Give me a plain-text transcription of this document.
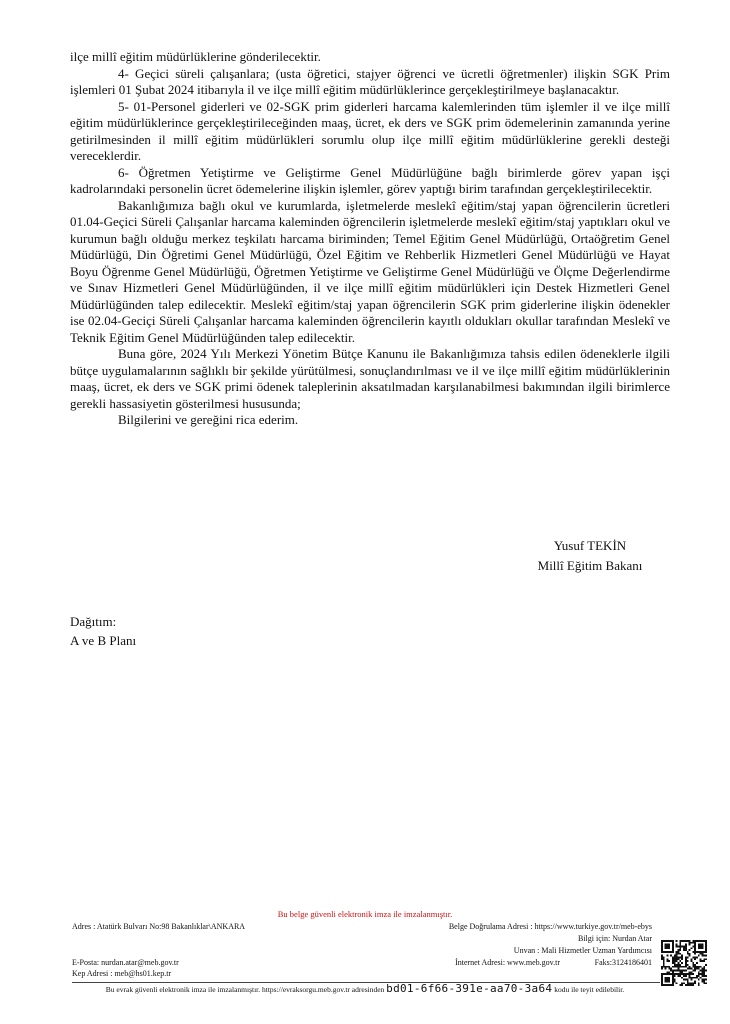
ilçe millî eğitim müdürlüklerine gönderilecektir.

4- Geçici süreli çalışanlara; (usta öğretici, stajyer öğrenci ve ücretli öğretmenler) ilişkin SGK Prim işlemleri 01 Şubat 2024 itibarıyla il ve ilçe millî eğitim müdürlüklerince gerçekleştirilmeye başlanacaktır.

5- 01-Personel giderleri ve 02-SGK prim giderleri harcama kalemlerinden tüm işlemler il ve ilçe millî eğitim müdürlüklerince gerçekleştirileceğinden maaş, ücret, ek ders ve SGK prim ödemelerinin zamanında yerine getirilmesinden il millî eğitim müdürlükleri sorumlu olup ilçe millî eğitim müdürlüklerine gerekli desteği vereceklerdir.

6- Öğretmen Yetiştirme ve Geliştirme Genel Müdürlüğüne bağlı birimlerde görev yapan işçi kadrolarındaki personelin ücret ödemelerine ilişkin işlemler, görev yaptığı birim tarafından gerçekleştirilecektir.

Bakanlığımıza bağlı okul ve kurumlarda, işletmelerde meslekî eğitim/staj yapan öğrencilerin ücretleri 01.04-Geçici Süreli Çalışanlar harcama kaleminden öğrencilerin işletmelerde meslekî eğitim/staj yaptıkları okul ve kurumun bağlı olduğu merkez teşkilatı harcama biriminden; Temel Eğitim Genel Müdürlüğü, Ortaöğretim Genel Müdürlüğü, Din Öğretimi Genel Müdürlüğü, Özel Eğitim ve Rehberlik Hizmetleri Genel Müdürlüğü ve Hayat Boyu Öğrenme Genel Müdürlüğü, Öğretmen Yetiştirme ve Geliştirme Genel Müdürlüğü ve Ölçme Değerlendirme ve Sınav Hizmetleri Genel Müdürlüğünden, il ve ilçe millî eğitim müdürlükleri için Destek Hizmetleri Genel Müdürlüğünden talep edilecektir. Meslekî eğitim/staj yapan öğrencilerin SGK prim giderlerine ilişkin ödenekler ise 02.04-Geciçi Süreli Çalışanlar harcama kaleminden öğrencilerin kayıtlı oldukları okullar tarafından Meslekî ve Teknik Eğitim Genel Müdürlüğünden talep edilecektir.

Buna göre, 2024 Yılı Merkezi Yönetim Bütçe Kanunu ile Bakanlığımıza tahsis edilen ödeneklerle ilgili bütçe uygulamalarının sağlıklı bir şekilde yürütülmesi, sonuçlandırılması ve il ve ilçe millî eğitim müdürlüklerinin maaş, ücret, ek ders ve SGK primi ödenek taleplerinin aksatılmadan karşılanabilmesi bakımından ilgili birimlerce gerekli hassasiyetin gösterilmesi hususunda;

Bilgilerini ve gereğini rica ederim.

Yusuf TEKİN
Millî Eğitim Bakanı
Dağıtım:
A ve B Planı
Bu belge güvenli elektronik imza ile imzalanmıştır.
Adres : Atatürk Bulvarı No:98 Bakanlıklar\ANKARA	Belge Doğrulama Adresi : https://www.turkiye.gov.tr/meb-ebys
Bilgi için: Nurdan Atar
Unvan : Mali Hizmetler Uzman Yardımcısı
E-Posta: nurdan.atar@meb.gov.tr	İnternet Adresi: www.meb.gov.tr	Faks:3124186401
Kep Adresi : meb@hs01.kep.tr
Bu evrak güvenli elektronik imza ile imzalanmıştır. https://evraksorgu.meb.gov.tr adresinden bd01-6f66-391e-aa70-3a64 kodu ile teyit edilebilir.
